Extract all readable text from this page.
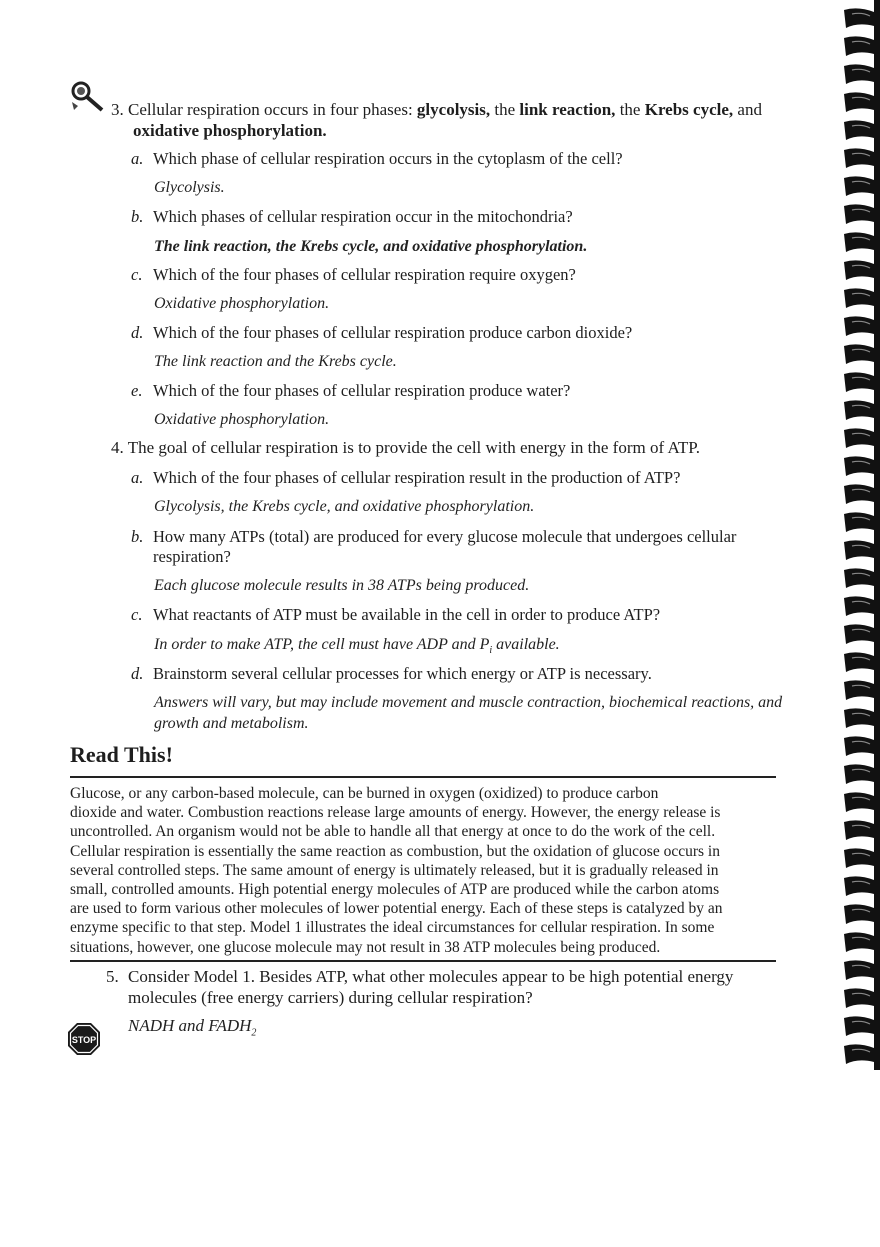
3. Cellular respiration occurs in four phases: glycolysis, the link reaction, the Krebs cycle, and
oxidative phosphorylation.
a. Which phase of cellular respiration occurs in the cytoplasm of the cell?
Glycolysis.
b. Which phases of cellular respiration occur in the mitochondria?
The link reaction, the Krebs cycle, and oxidative phosphorylation.
c. Which of the four phases of cellular respiration require oxygen?
Oxidative phosphorylation.
d. Which of the four phases of cellular respiration produce carbon dioxide?
The link reaction and the Krebs cycle.
e. Which of the four phases of cellular respiration produce water?
Oxidative phosphorylation.
4. The goal of cellular respiration is to provide the cell with energy in the form of ATP.
a. Which of the four phases of cellular respiration result in the production of ATP?
Glycolysis, the Krebs cycle, and oxidative phosphorylation.
b. How many ATPs (total) are produced for every glucose molecule that undergoes cellular
respiration?
Each glucose molecule results in 38 ATPs being produced.
c. What reactants of ATP must be available in the cell in order to produce ATP?
In order to make ATP, the cell must have ADP and $P_i$ available.
d. Brainstorm several cellular processes for which energy or ATP is necessary.
Answers will vary, but may include movement and muscle contraction, biochemical reactions, and
growth and metabolism.
Read This!
Glucose, or any carbon-based molecule, can be burned in oxygen (oxidized) to produce carbon
dioxide and water. Combustion reactions release large amounts of energy. However, the energy release is
uncontrolled. An organism would not be able to handle all that energy at once to do the work of the cell.
Cellular respiration is essentially the same reaction as combustion, but the oxidation of glucose occurs in
several controlled steps. The same amount of energy is ultimately released, but it is gradually released in
small, controlled amounts. High potential energy molecules of ATP are produced while the carbon atoms
are used to form various other molecules of lower potential energy. Each of these steps is catalyzed by an
enzyme specific to that step. Model 1 illustrates the ideal circumstances for cellular respiration. In some
situations, however, one glucose molecule may not result in 38 ATP molecules being produced.
5. Consider Model 1. Besides ATP, what other molecules appear to be high potential energy
molecules (free energy carriers) during cellular respiration?
NADH and $FADH_2$
STOP
